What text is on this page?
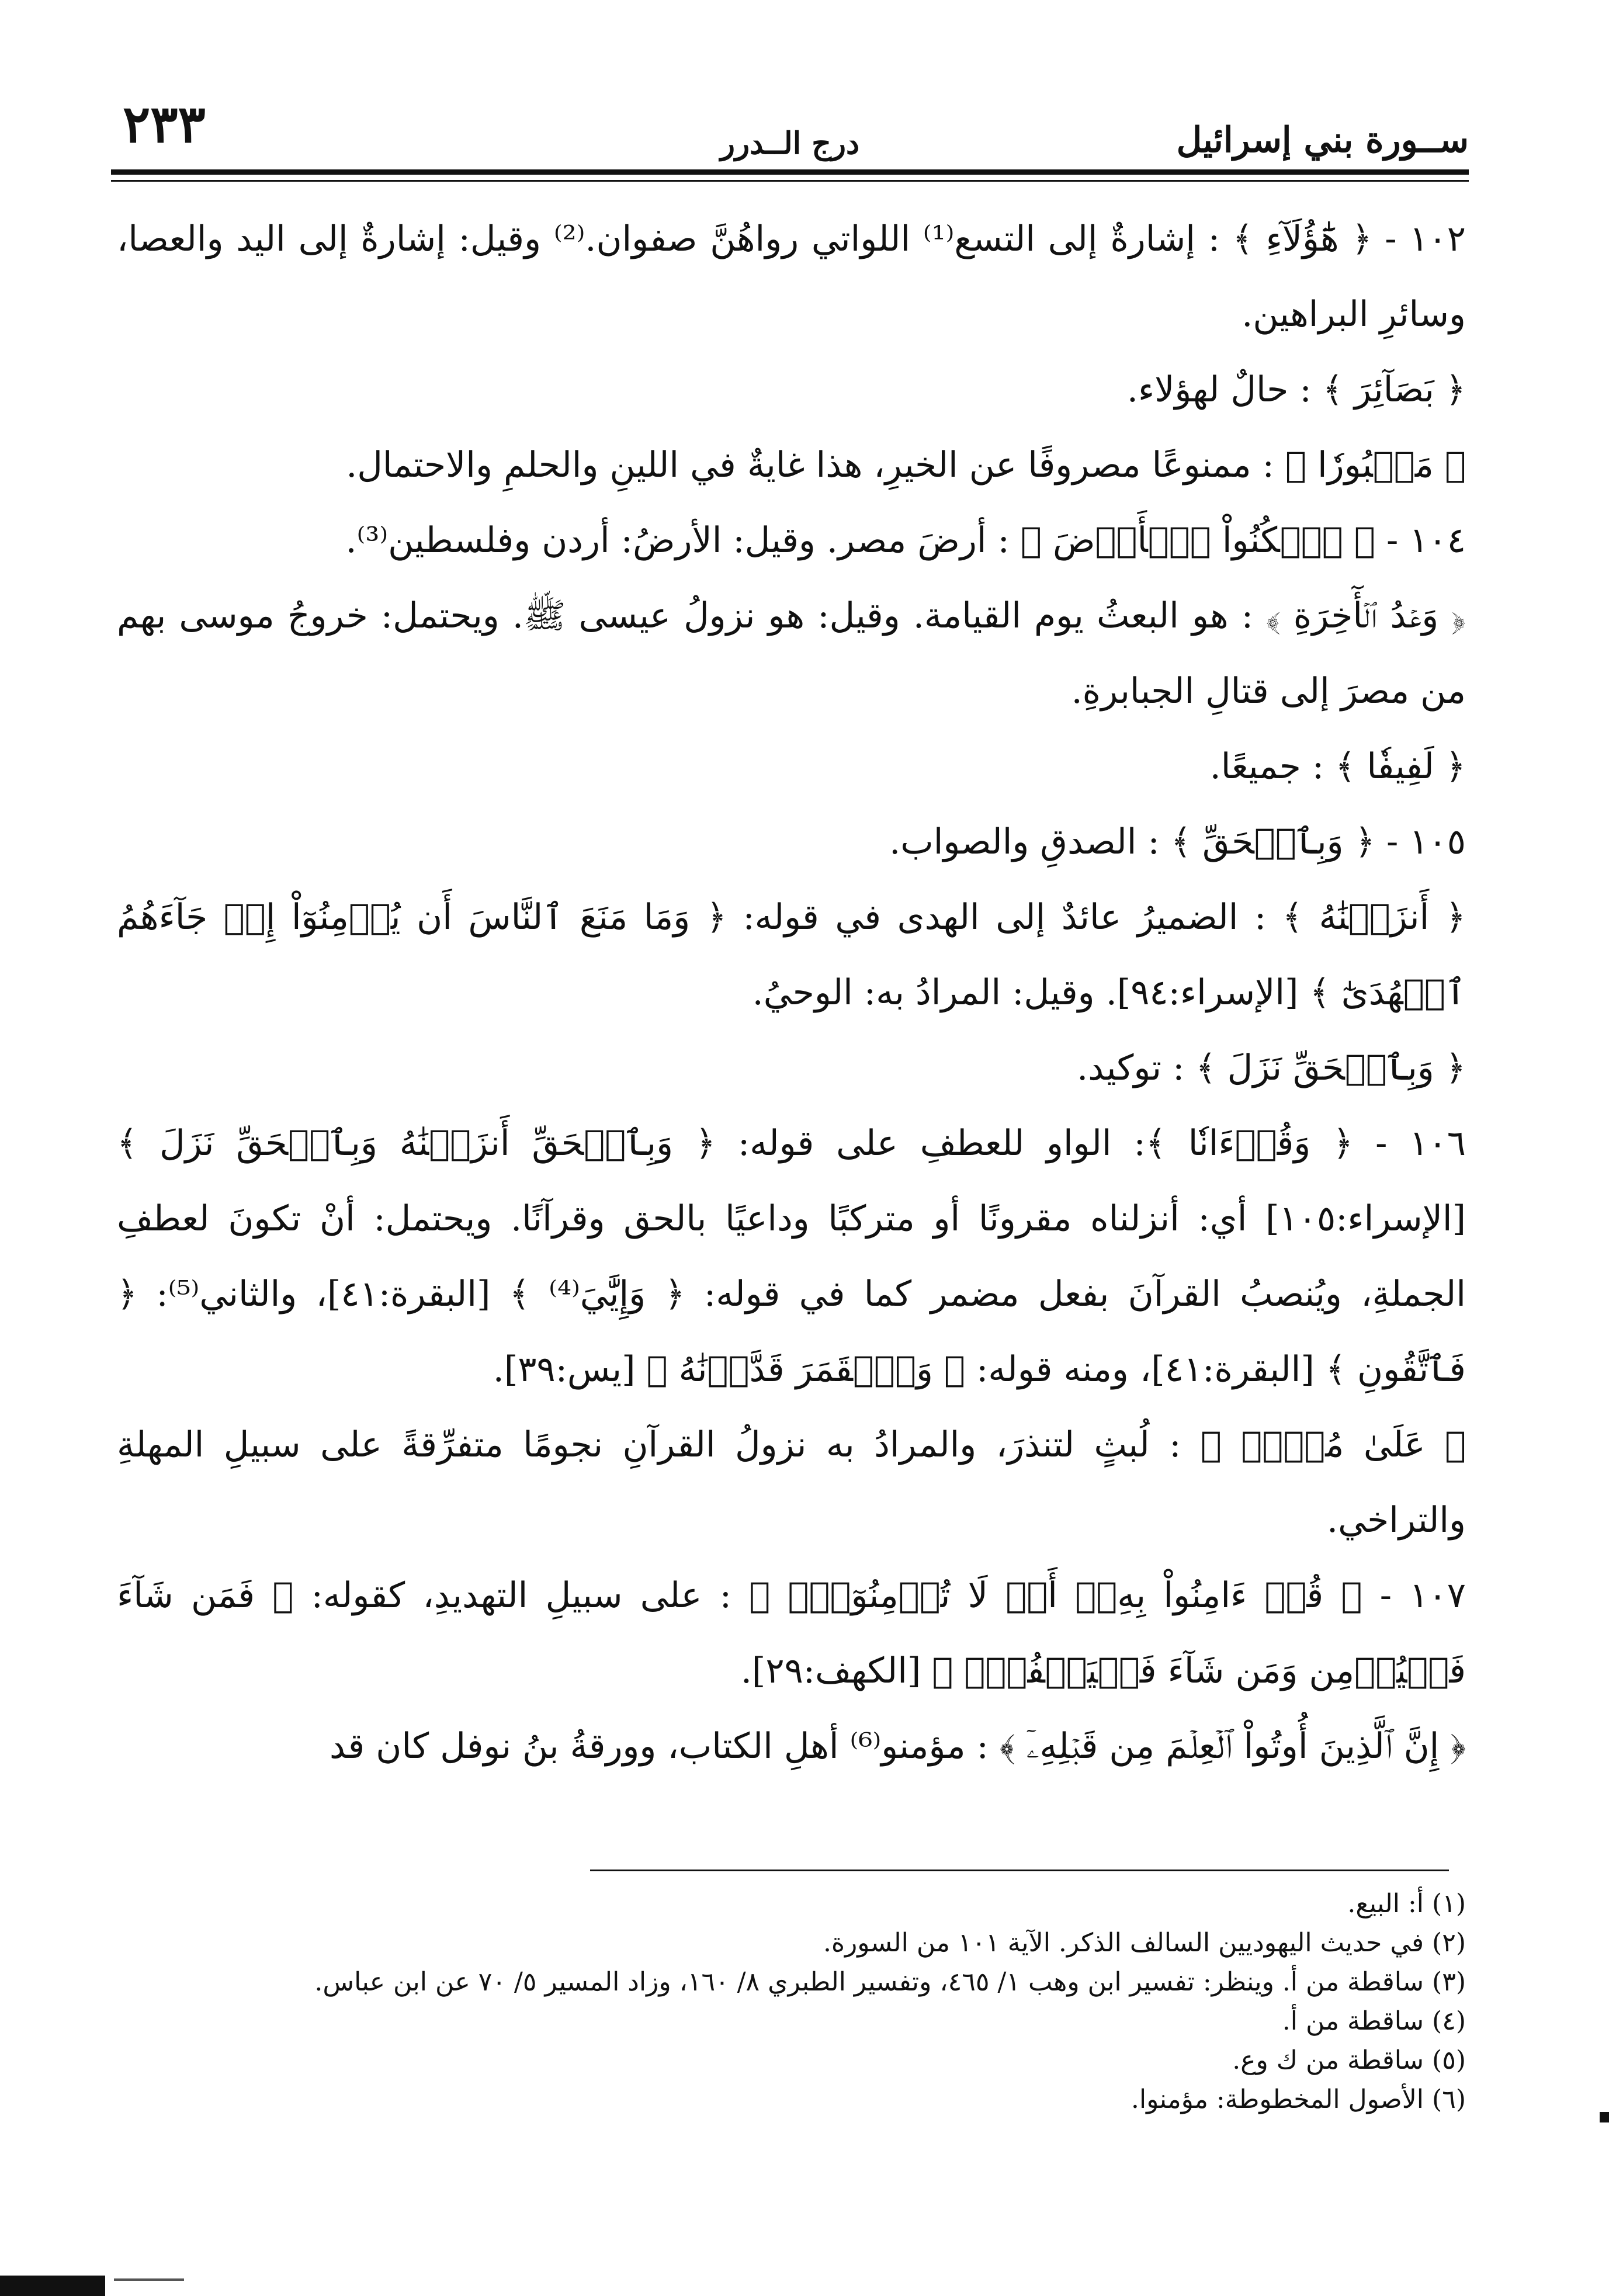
ســورة بني إسرائيل
درج الــدرر
٢٣٣

١٠٢ - ﴿ هَٰٓؤُلَآءِ ﴾ : إشارةٌ إلى التسع⁽¹⁾ اللواتي رواهُنَّ صفوان.⁽²⁾ وقيل: إشارةٌ إلى اليد والعصا، وسائرِ البراهين.

﴿ بَصَآئِرَ ﴾ : حالٌ لهؤلاء.

﴿ مَثۡبُورٗا ﴾ : ممنوعًا مصروفًا عن الخيرِ، هذا غايةٌ في اللينِ والحلمِ والاحتمال.

١٠٤ - ﴿ ٱسۡكُنُواْ ٱلۡأَرۡضَ ﴾ : أرضَ مصر. وقيل: الأرضُ: أردن وفلسطين⁽³⁾.

﴿ وَعۡدُ ٱلۡأٓخِرَةِ ﴾ : هو البعثُ يوم القيامة. وقيل: هو نزولُ عيسى ﷺ. ويحتمل: خروجُ موسى بهم من مصرَ إلى قتالِ الجبابرةِ.

﴿ لَفِيفٗا ﴾ : جميعًا.

١٠٥ - ﴿ وَبِٱلۡحَقِّ ﴾ : الصدقِ والصواب.

﴿ أَنزَلۡنَٰهُ ﴾ : الضميرُ عائدٌ إلى الهدى في قوله: ﴿ وَمَا مَنَعَ ٱلنَّاسَ أَن يُؤۡمِنُوٓاْ إِذۡ جَآءَهُمُ ٱلۡهُدَىٰٓ ﴾ [الإسراء:٩٤]. وقيل: المرادُ به: الوحيُ.

﴿ وَبِٱلۡحَقِّ نَزَلَ ﴾ : توكيد.

١٠٦ - ﴿ وَقُرۡءَانٗا ﴾: الواو للعطفِ على قوله: ﴿ وَبِٱلۡحَقِّ أَنزَلۡنَٰهُ وَبِٱلۡحَقِّ نَزَلَ ﴾ [الإسراء:١٠٥] أي: أنزلناه مقرونًا أو متركبًا وداعيًا بالحق وقرآنًا. ويحتمل: أنْ تكونَ لعطفِ الجملةِ، ويُنصبُ القرآنَ بفعل مضمر كما في قوله: ﴿ وَإِيَّٰيَ⁽⁴⁾ ﴾ [البقرة:٤١]، والثاني⁽⁵⁾: ﴿ فَٱتَّقُونِ ﴾ [البقرة:٤١]، ومنه قوله: ﴿ وَٱلۡقَمَرَ قَدَّرۡنَٰهُ ﴾ [يس:٣٩].

﴿ عَلَىٰ مُكۡثٖ ﴾ : لُبثٍ لتنذرَ، والمرادُ به نزولُ القرآنِ نجومًا متفرِّقةً على سبيلِ المهلةِ والتراخي.

١٠٧ - ﴿ قُلۡ ءَامِنُواْ بِهِۦٓ أَوۡ لَا تُؤۡمِنُوٓاْۚ ﴾ : على سبيلِ التهديدِ، كقوله: ﴿ فَمَن شَآءَ فَلۡيُؤۡمِن وَمَن شَآءَ فَلۡيَكۡفُرۡۚ ﴾ [الكهف:٢٩].

﴿ إِنَّ ٱلَّذِينَ أُوتُواْ ٱلۡعِلۡمَ مِن قَبۡلِهِۦٓ ﴾ : مؤمنو⁽⁶⁾ أهلِ الكتاب، وورقةُ بنُ نوفل كان قد

(١) أ: البيع.

(٢) في حديث اليهوديين السالف الذكر. الآية ١٠١ من السورة.

(٣) ساقطة من أ. وينظر: تفسير ابن وهب ١/ ٤٦٥، وتفسير الطبري ٨/ ١٦٠، وزاد المسير ٥/ ٧٠ عن ابن عباس.

(٤) ساقطة من أ.

(٥) ساقطة من ك وع.

(٦) الأصول المخطوطة: مؤمنوا.
